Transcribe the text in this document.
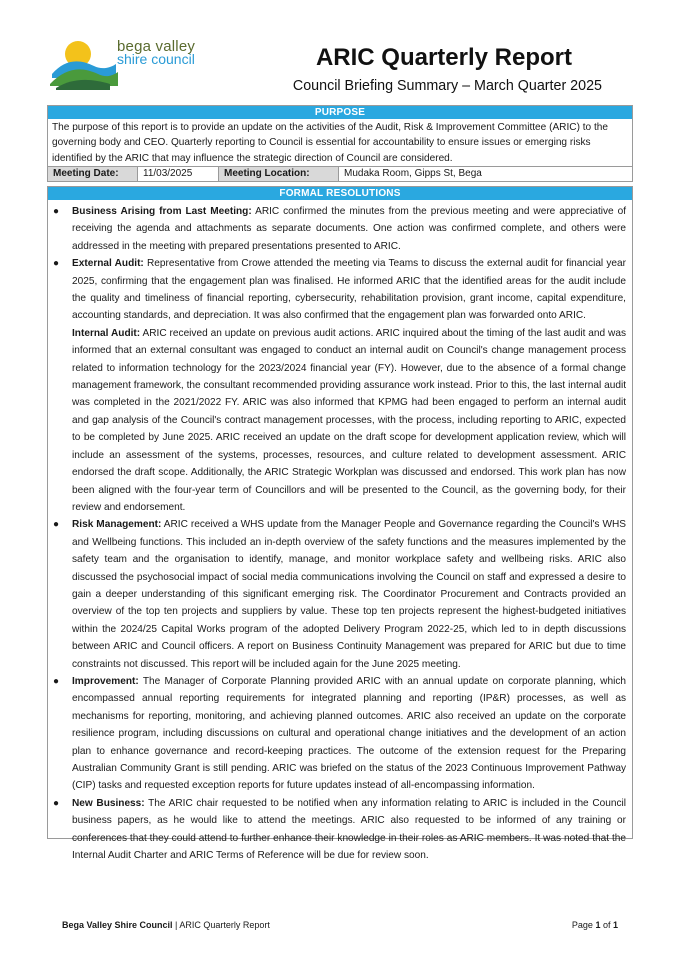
bega valley
shire council	ARIC Quarterly Report
Council Briefing Summary – March Quarter 2025
PURPOSE
The purpose of this report is to provide an update on the activities of the Audit, Risk & Improvement Committee (ARIC) to the governing body and CEO. Quarterly reporting to Council is essential for accountability to ensure issues or emerging risks identified by the ARIC that may influence the strategic direction of Council are considered.
Meeting Date:	11/03/2025	Meeting Location:	Mudaka Room, Gipps St, Bega
FORMAL RESOLUTIONS
● Business Arising from Last Meeting: ARIC confirmed the minutes from the previous meeting and were appreciative of receiving the agenda and attachments as separate documents. One action was confirmed complete, and others were addressed in the meeting with prepared presentations presented to ARIC.
● External Audit: Representative from Crowe attended the meeting via Teams to discuss the external audit for financial year 2025, confirming that the engagement plan was finalised. He informed ARIC that the identified areas for the audit include the quality and timeliness of financial reporting, cybersecurity, rehabilitation provision, grant income, capital expenditure, accounting standards, and depreciation. It was also confirmed that the engagement plan was forwarded onto ARIC.
Internal Audit: ARIC received an update on previous audit actions. ARIC inquired about the timing of the last audit and was informed that an external consultant was engaged to conduct an internal audit on Council's change management process related to information technology for the 2023/2024 financial year (FY). However, due to the absence of a formal change management framework, the consultant recommended providing assurance work instead. Prior to this, the last internal audit was completed in the 2021/2022 FY. ARIC was also informed that KPMG had been engaged to perform an internal audit and gap analysis of the Council's contract management processes, with the process, including reporting to ARIC, expected to be completed by June 2025. ARIC received an update on the draft scope for development application review, which will include an assessment of the systems, processes, resources, and culture related to development assessment. ARIC endorsed the draft scope. Additionally, the ARIC Strategic Workplan was discussed and endorsed. This work plan has now been aligned with the four-year term of Councillors and will be presented to the Council, as the governing body, for their review and endorsement.
● Risk Management: ARIC received a WHS update from the Manager People and Governance regarding the Council's WHS and Wellbeing functions. This included an in-depth overview of the safety functions and the measures implemented by the safety team and the organisation to identify, manage, and monitor workplace safety and wellbeing risks. ARIC also discussed the psychosocial impact of social media communications involving the Council on staff and expressed a desire to gain a deeper understanding of this significant emerging risk. The Coordinator Procurement and Contracts provided an overview of the top ten projects and suppliers by value. These top ten projects represent the highest-budgeted initiatives within the 2024/25 Capital Works program of the adopted Delivery Program 2022-25, which led to in depth discussions between ARIC and Council officers. A report on Business Continuity Management was prepared for ARIC but due to time constraints not discussed. This report will be included again for the June 2025 meeting.
● Improvement: The Manager of Corporate Planning provided ARIC with an annual update on corporate planning, which encompassed annual reporting requirements for integrated planning and reporting (IP&R) processes, as well as mechanisms for reporting, monitoring, and achieving planned outcomes. ARIC also received an update on the corporate resilience program, including discussions on cultural and operational change initiatives and the development of an action plan to enhance governance and record-keeping practices. The outcome of the extension request for the Preparing Australian Community Grant is still pending. ARIC was briefed on the status of the 2023 Continuous Improvement Pathway (CIP) tasks and requested exception reports for future updates instead of all-encompassing information.
● New Business: The ARIC chair requested to be notified when any information relating to ARIC is included in the Council business papers, as he would like to attend the meetings. ARIC also requested to be informed of any training or conferences that they could attend to further enhance their knowledge in their roles as ARIC members. It was noted that the Internal Audit Charter and ARIC Terms of Reference will be due for review soon.
Bega Valley Shire Council | ARIC Quarterly Report	Page 1 of 1
